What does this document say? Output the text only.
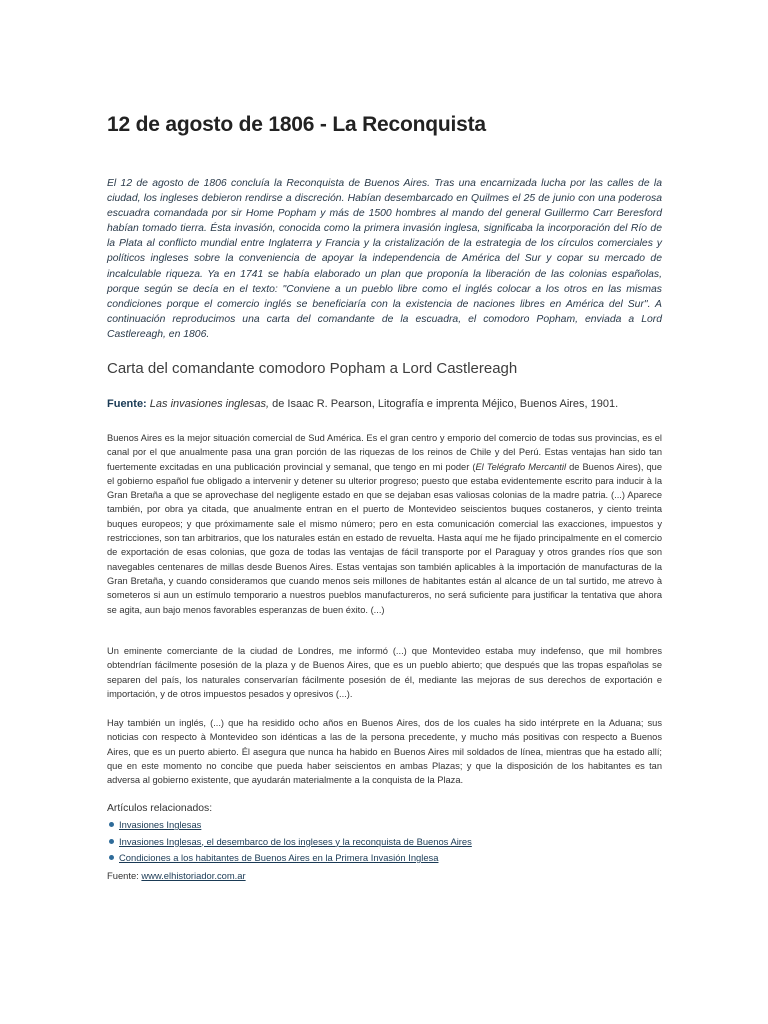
12 de agosto de 1806 - La Reconquista

El 12 de agosto de 1806 concluía la Reconquista de Buenos Aires. Tras una encarnizada lucha por las calles de la ciudad, los ingleses debieron rendirse a discreción. Habían desembarcado en Quilmes el 25 de junio con una poderosa escuadra comandada por sir Home Popham y más de 1500 hombres al mando del general Guillermo Carr Beresford habían tomado tierra. Ésta invasión, conocida como la primera invasión inglesa, significaba la incorporación del Río de la Plata al conflicto mundial entre Inglaterra y Francia y la cristalización de la estrategia de los círculos comerciales y políticos ingleses sobre la conveniencia de apoyar la independencia de América del Sur y copar su mercado de incalculable riqueza. Ya en 1741 se había elaborado un plan que proponía la liberación de las colonias españolas, porque según se decía en el texto: "Conviene a un pueblo libre como el inglés colocar a los otros en las mismas condiciones porque el comercio inglés se beneficiaría con la existencia de naciones libres en América del Sur". A continuación reproducimos una carta del comandante de la escuadra, el comodoro Popham, enviada a Lord Castlereagh, en 1806.

Carta del comandante comodoro Popham a Lord Castlereagh

Fuente: Las invasiones inglesas, de Isaac R. Pearson, Litografía e imprenta Méjico, Buenos Aires, 1901.

Buenos Aires es la mejor situación comercial de Sud América. Es el gran centro y emporio del comercio de todas sus provincias, es el canal por el que anualmente pasa una gran porción de las riquezas de los reinos de Chile y del Perú. Estas ventajas han sido tan fuertemente excitadas en una publicación provincial y semanal, que tengo en mi poder (El Telégrafo Mercantil de Buenos Aires), que el gobierno español fue obligado a intervenir y detener su ulterior progreso; puesto que estaba evidentemente escrito para inducir à la Gran Bretaña a que se aprovechase del negligente estado en que se dejaban esas valiosas colonias de la madre patria. (...) Aparece también, por obra ya citada, que anualmente entran en el puerto de Montevideo seiscientos buques costaneros, y ciento treinta buques europeos; y que próximamente sale el mismo número; pero en esta comunicación comercial las exacciones, impuestos y restricciones, son tan arbitrarios, que los naturales están en estado de revuelta. Hasta aquí me he fijado principalmente en el comercio de exportación de esas colonias, que goza de todas las ventajas de fácil transporte por el Paraguay y otros grandes ríos que son navegables centenares de millas desde Buenos Aires. Estas ventajas son también aplicables à la importación de manufacturas de la Gran Bretaña, y cuando consideramos que cuando menos seis millones de habitantes están al alcance de un tal surtido, me atrevo à someteros si aun un estímulo temporario a nuestros pueblos manufactureros, no será suficiente para justificar la tentativa que ahora se agita, aun bajo menos favorables esperanzas de buen éxito. (...)

Un eminente comerciante de la ciudad de Londres, me informó (...) que Montevideo estaba muy indefenso, que mil hombres obtendrían fácilmente posesión de la plaza y de Buenos Aires, que es un pueblo abierto; que después que las tropas españolas se separen del país, los naturales conservarían fácilmente posesión de él, mediante las mejoras de sus derechos de exportación e importación, y de otros impuestos pesados y opresivos (...).

Hay también un inglés, (...) que ha residido ocho años en Buenos Aires, dos de los cuales ha sido intérprete en la Aduana; sus noticias con respecto à Montevideo son idénticas a las de la persona precedente, y mucho más positivas con respecto a Buenos Aires, que es un puerto abierto. Él asegura que nunca ha habido en Buenos Aires mil soldados de línea, mientras que ha estado allí; que en este momento no concibe que pueda haber seiscientos en ambas Plazas; y que la disposición de los habitantes es tan adversa al gobierno existente, que ayudarán materialmente a la conquista de la Plaza.

Artículos relacionados:

Invasiones Inglesas
Invasiones Inglesas, el desembarco de los ingleses y la reconquista de Buenos Aires
Condiciones a los habitantes de Buenos Aires en la Primera Invasión Inglesa

Fuente: www.elhistoriador.com.ar
